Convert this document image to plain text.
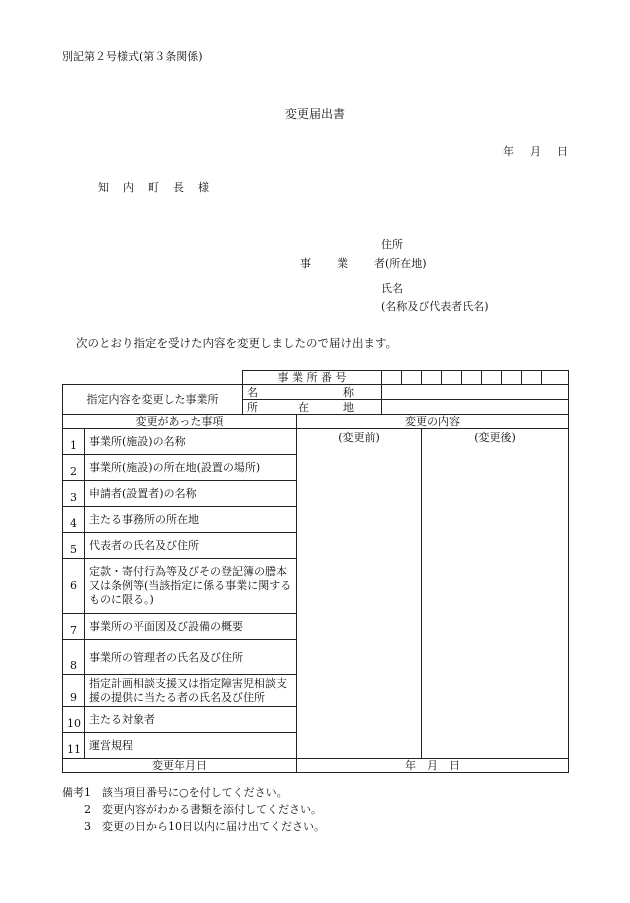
別記第２号様式(第３条関係)
変更届出書
年 月 日
知 内 町 長 様
住所
事 業 者(所在地)
氏名
(名称及び代表者氏名)
次のとおり指定を受けた内容を変更しましたので届け出ます。
		事 業 所 番 号										
指定内容を変更した事業所		名 称										

		所 在 地										

変更があった事項			変更の内容									
1	事業所(施設)の名称		(変更前)			(変更後)						
2	事業所(施設)の所在地(設置の場所)											
3	申請者(設置者)の名称											
4	主たる事務所の所在地											
5	代表者の氏名及び住所											
6	定款・寄付行為等及びその登記簿の謄本又は条例等(当該指定に係る事業に関するものに限る。)											
7	事業所の平面図及び設備の概要											
8	事業所の管理者の氏名及び住所											
9	指定計画相談支援又は指定障害児相談支援の提供に当たる者の氏名及び住所											
10	主たる対象者											
11	運営規程											
変更年月日			年　月　日									
備考1　該当項目番号に○を付してください。
　　2　変更内容がわかる書類を添付してください。
　　3　変更の日から10日以内に届け出てください。
